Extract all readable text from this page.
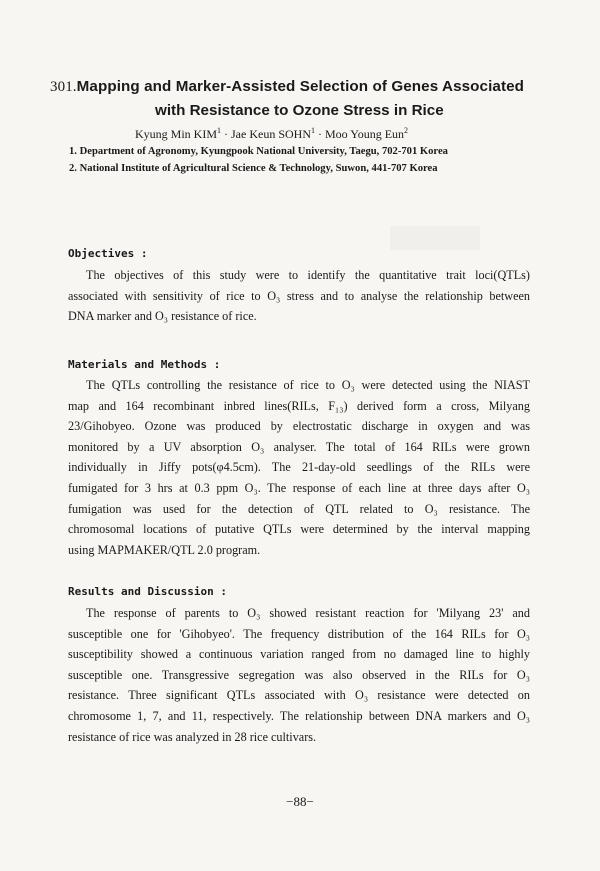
301.Mapping and Marker-Assisted Selection of Genes Associated
with Resistance to Ozone Stress in Rice
Kyung Min $KIM^1$ · Jae Keun $SOHN^1$ · Moo Young Eun$^2$
1. Department of Agronomy, Kyungpook National University, Taegu, 702-701 Korea
2. National Institute of Agricultural Science & Technology, Suwon, 441-707 Korea
Objectives :
The objectives of this study were to identify the quantitative trait loci(QTLs)
associated with sensitivity of rice to O₃ stress and to analyse the relationship between
DNA marker and O₃ resistance of rice.
Materials and Methods :
The QTLs controlling the resistance of rice to O₃ were detected using the NIAST
map and 164 recombinant inbred lines(RILs, F₁₃) derived form a cross, Milyang
23/Gihobyeo. Ozone was produced by electrostatic discharge in oxygen and was
monitored by a UV absorption O₃ analyser. The total of 164 RILs were grown
individually in Jiffy pots(φ4.5cm). The 21-day-old seedlings of the RILs were
fumigated for 3 hrs at 0.3 ppm O₃. The response of each line at three days after O₃
fumigation was used for the detection of QTL related to O₃ resistance. The
chromosomal locations of putative QTLs were determined by the interval mapping
using MAPMAKER/QTL 2.0 program.
Results and Discussion :
The response of parents to O₃ showed resistant reaction for 'Milyang 23' and
susceptible one for 'Gihobyeo'. The frequency distribution of the 164 RILs for O₃
susceptibility showed a continuous variation ranged from no damaged line to highly
susceptible one. Transgressive segregation was also observed in the RILs for O₃
resistance. Three significant QTLs associated with O₃ resistance were detected on
chromosome 1, 7, and 11, respectively. The relationship between DNA markers and O₃
resistance of rice was analyzed in 28 rice cultivars.
−88−
